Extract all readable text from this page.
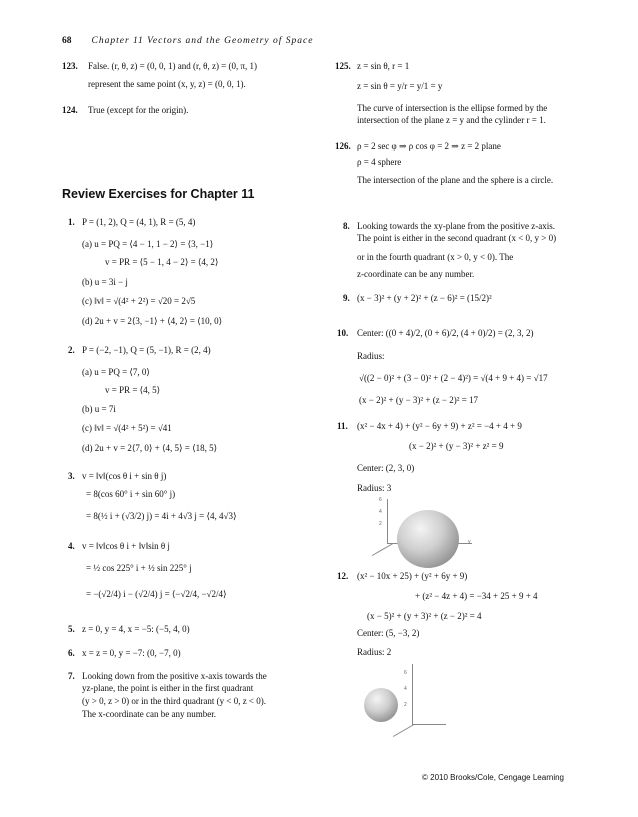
68 Chapter 11 Vectors and the Geometry of Space
123. False. (r, θ, z) = (0, 0, 1) and (r, θ, z) = (0, π, 1)
represent the same point (x, y, z) = (0, 0, 1).
124. True (except for the origin).
125. z = sin θ, r = 1
z = sin θ = y/r = y/1 = y
The curve of intersection is the ellipse formed by the
intersection of the plane z = y and the cylinder r = 1.
126. ρ = 2 sec φ ⇒ ρ cos φ = 2 ⇒ z = 2 plane
ρ = 4 sphere
The intersection of the plane and the sphere is a circle.
Review Exercises for Chapter 11
1. P = (1, 2), Q = (4, 1), R = (5, 4)
(a) u = PQ = ⟨4 − 1, 1 − 2⟩ = ⟨3, −1⟩
v = PR = ⟨5 − 1, 4 − 2⟩ = ⟨4, 2⟩
(b) u = 3i − j
(c) ‖v‖ = √(4² + 2²) = √20 = 2√5
(d) 2u + v = 2⟨3, −1⟩ + ⟨4, 2⟩ = ⟨10, 0⟩
2. P = (−2, −1), Q = (5, −1), R = (2, 4)
(a) u = PQ = ⟨7, 0⟩
v = PR = ⟨4, 5⟩
(b) u = 7i
(c) ‖v‖ = √(4² + 5²) = √41
(d) 2u + v = 2⟨7, 0⟩ + ⟨4, 5⟩ = ⟨18, 5⟩
3. v = ‖v‖(cos θ i + sin θ j)
= 8(cos 60° i + sin 60° j)
= 8(½ i + (√3/2) j) = 4i + 4√3 j = ⟨4, 4√3⟩
4. v = ‖v‖cos θ i + ‖v‖sin θ j
= ½ cos 225° i + ½ sin 225° j
= −(√2/4) i − (√2/4) j = ⟨−√2/4, −√2/4⟩
5. z = 0, y = 4, x = −5: (−5, 4, 0)
6. x = z = 0, y = −7: (0, −7, 0)
7. Looking down from the positive x-axis towards the
yz-plane, the point is either in the first quadrant
(y > 0, z > 0) or in the third quadrant (y < 0, z < 0).
The x-coordinate can be any number.
8. Looking towards the xy-plane from the positive z-axis.
The point is either in the second quadrant (x < 0, y > 0)
or in the fourth quadrant (x > 0, y < 0). The
z-coordinate can be any number.
9. (x − 3)² + (y + 2)² + (z − 6)² = (15/2)²
10. Center: ((0 + 4)/2, (0 + 6)/2, (4 + 0)/2) = (2, 3, 2)
Radius:
√((2 − 0)² + (3 − 0)² + (2 − 4)²) = √(4 + 9 + 4) = √17
(x − 2)² + (y − 3)² + (z − 2)² = 17
11. (x² − 4x + 4) + (y² − 6y + 9) + z² = −4 + 4 + 9
(x − 2)² + (y − 3)² + z² = 9
Center: (2, 3, 0)
Radius: 3
6
4
2
y
12. (x² − 10x + 25) + (y² + 6y + 9)
+ (z² − 4z + 4) = −34 + 25 + 9 + 4
(x − 5)² + (y + 3)² + (z − 2)² = 4
Center: (5, −3, 2)
Radius: 2
6
4
2
© 2010 Brooks/Cole, Cengage Learning
